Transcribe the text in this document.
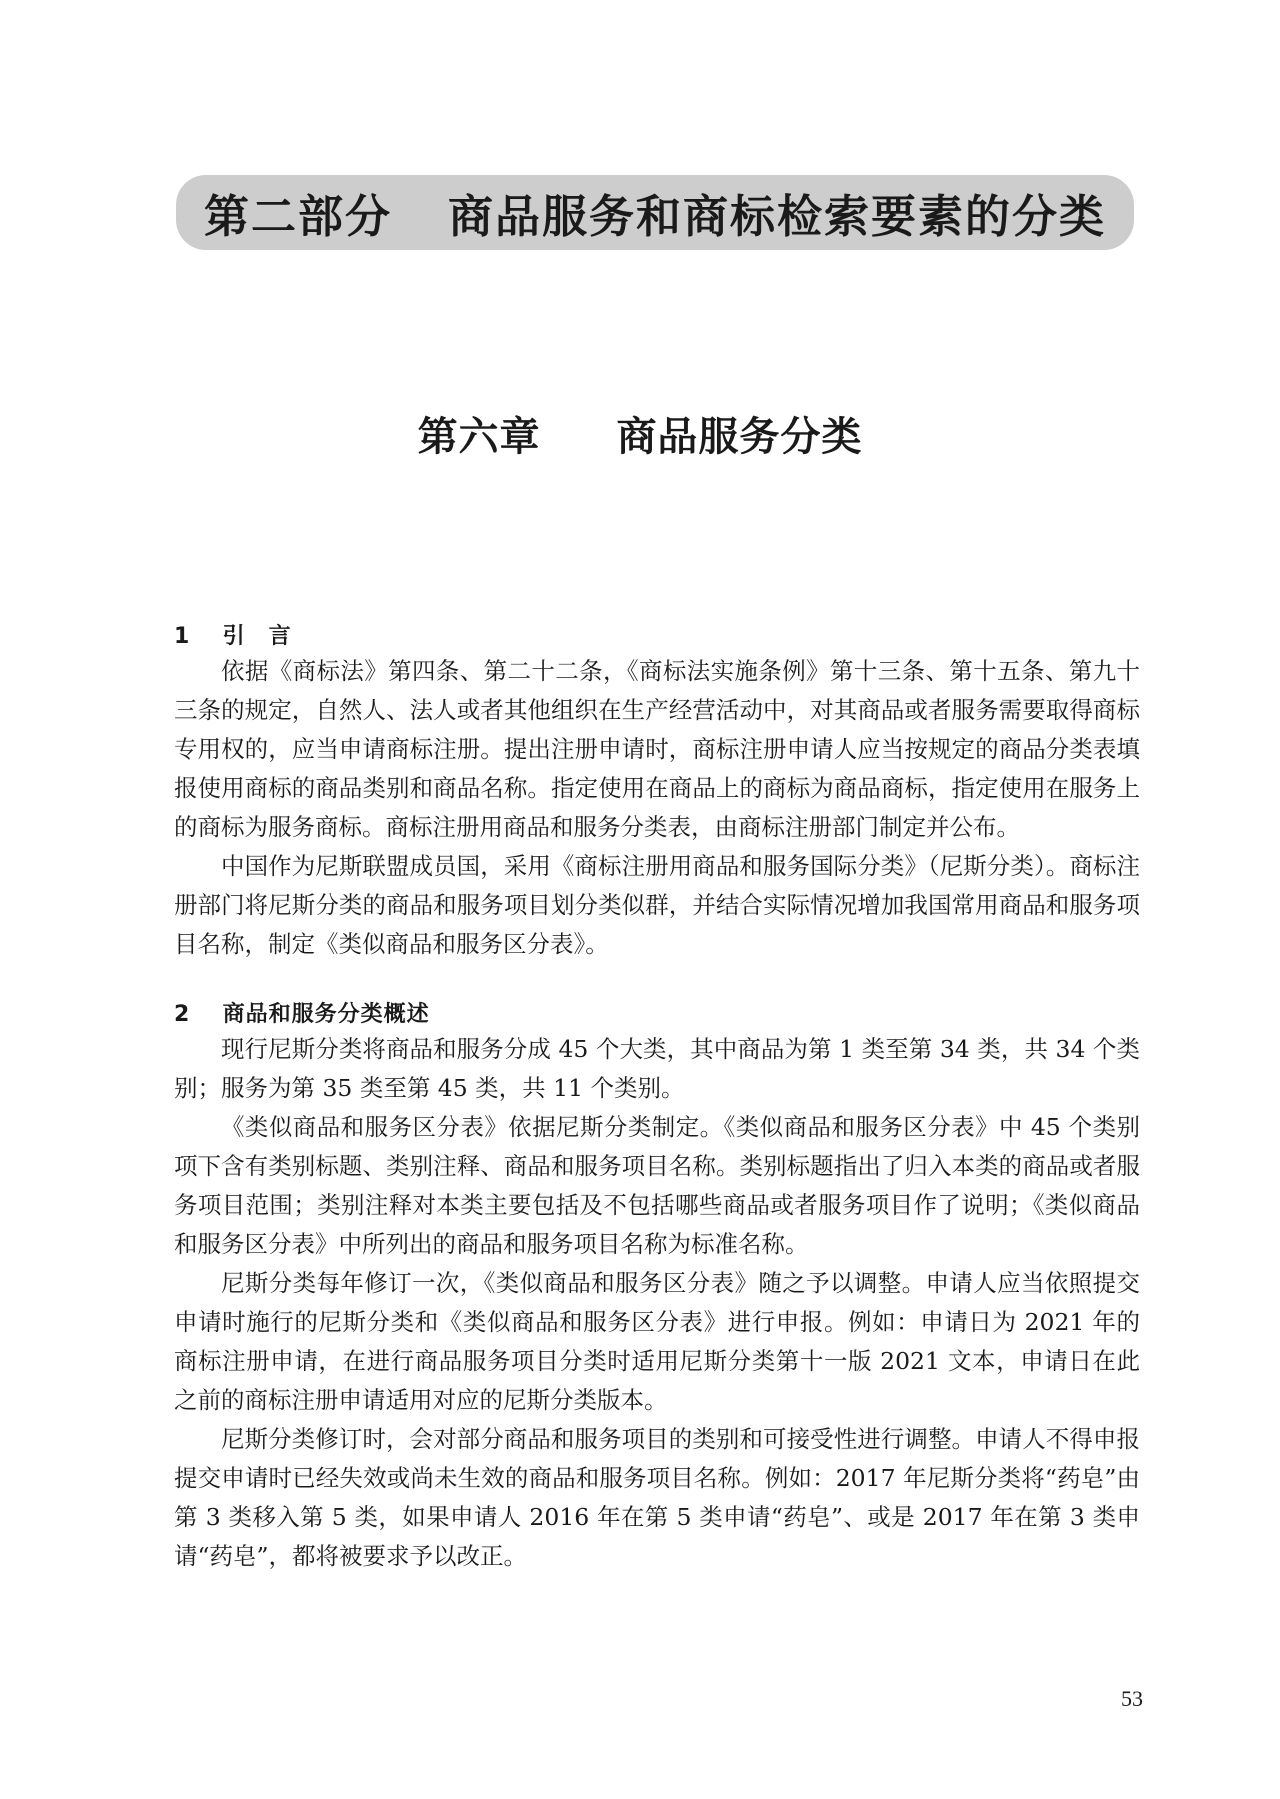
第二部分 商品服务和商标检索要素的分类
第六章 商品服务分类
1 引　言

依据《商标法》第四条、第二十二条，《商标法实施条例》第十三条、第十五条、第九十三条的规定，自然人、法人或者其他组织在生产经营活动中，对其商品或者服务需要取得商标专用权的，应当申请商标注册。提出注册申请时，商标注册申请人应当按规定的商品分类表填报使用商标的商品类别和商品名称。指定使用在商品上的商标为商品商标，指定使用在服务上的商标为服务商标。商标注册用商品和服务分类表，由商标注册部门制定并公布。

中国作为尼斯联盟成员国，采用《商标注册用商品和服务国际分类》（尼斯分类）。商标注册部门将尼斯分类的商品和服务项目划分类似群，并结合实际情况增加我国常用商品和服务项目名称，制定《类似商品和服务区分表》。

2 商品和服务分类概述

现行尼斯分类将商品和服务分成 45 个大类，其中商品为第 1 类至第 34 类，共 34 个类别；服务为第 35 类至第 45 类，共 11 个类别。

《类似商品和服务区分表》依据尼斯分类制定。《类似商品和服务区分表》中 45 个类别项下含有类别标题、类别注释、商品和服务项目名称。类别标题指出了归入本类的商品或者服务项目范围；类别注释对本类主要包括及不包括哪些商品或者服务项目作了说明；《类似商品和服务区分表》中所列出的商品和服务项目名称为标准名称。

尼斯分类每年修订一次，《类似商品和服务区分表》随之予以调整。申请人应当依照提交申请时施行的尼斯分类和《类似商品和服务区分表》进行申报。例如：申请日为 2021 年的商标注册申请，在进行商品服务项目分类时适用尼斯分类第十一版 2021 文本，申请日在此之前的商标注册申请适用对应的尼斯分类版本。

尼斯分类修订时，会对部分商品和服务项目的类别和可接受性进行调整。申请人不得申报提交申请时已经失效或尚未生效的商品和服务项目名称。例如：2017 年尼斯分类将“药皂”由第 3 类移入第 5 类，如果申请人 2016 年在第 5 类申请“药皂”、或是 2017 年在第 3 类申请“药皂”，都将被要求予以改正。

53
